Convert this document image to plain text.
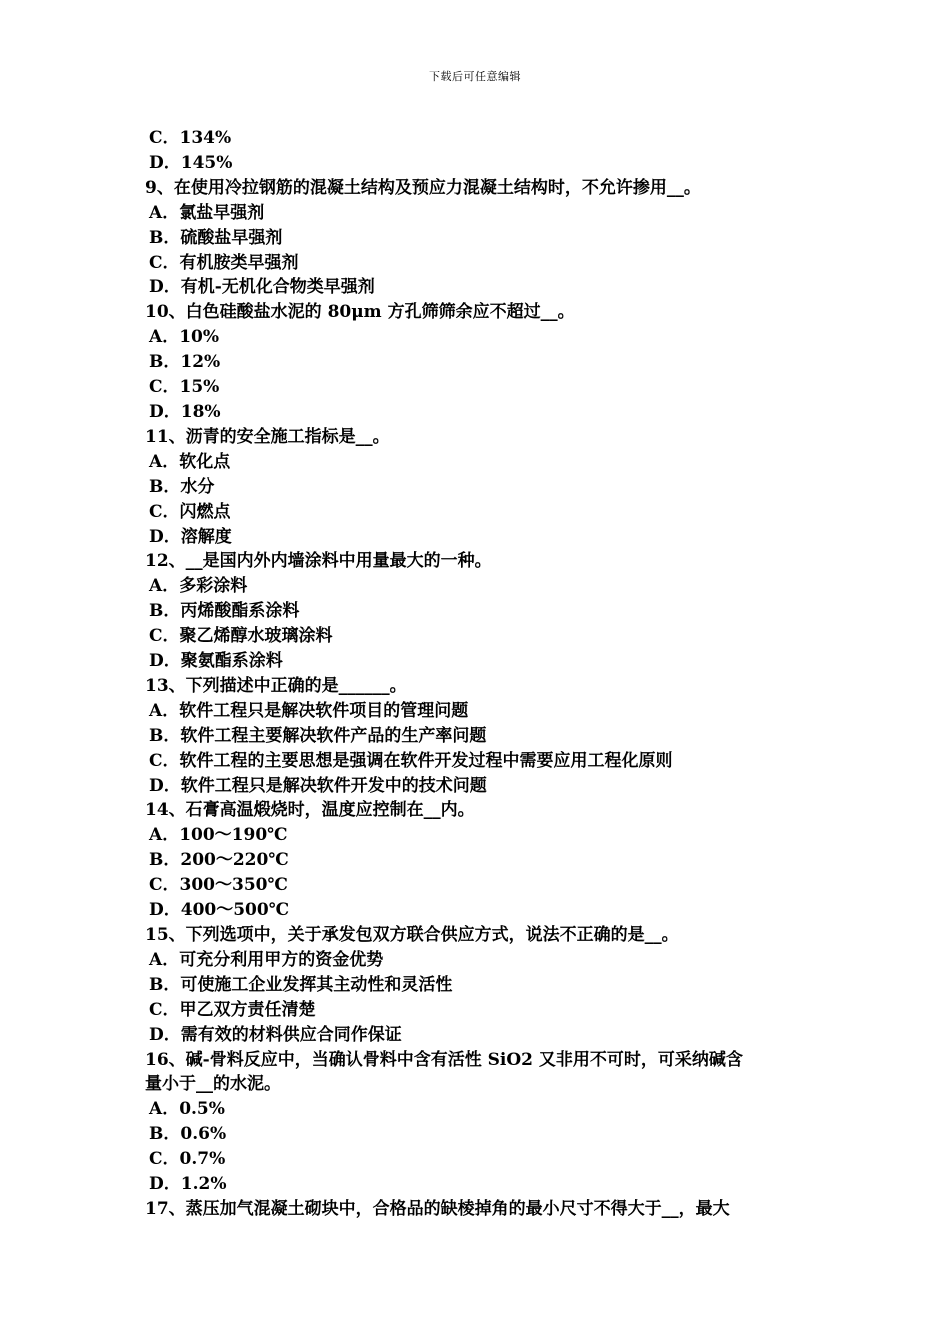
下载后可任意编辑
C．134%
D．145%
9、在使用冷拉钢筋的混凝土结构及预应力混凝土结构时，不允许掺用__。
A．氯盐早强剂
B．硫酸盐早强剂
C．有机胺类早强剂
D．有机-无机化合物类早强剂
10、白色硅酸盐水泥的 80μm 方孔筛筛余应不超过__。
A．10%
B．12%
C．15%
D．18%
11、沥青的安全施工指标是__。
A．软化点
B．水分
C．闪燃点
D．溶解度
12、__是国内外内墙涂料中用量最大的一种。
A．多彩涂料
B．丙烯酸酯系涂料
C．聚乙烯醇水玻璃涂料
D．聚氨酯系涂料
13、下列描述中正确的是______。
A．软件工程只是解决软件项目的管理问题
B．软件工程主要解决软件产品的生产率问题
C．软件工程的主要思想是强调在软件开发过程中需要应用工程化原则
D．软件工程只是解决软件开发中的技术问题
14、石膏高温煅烧时，温度应控制在__内。
A．100～190℃
B．200～220℃
C．300～350℃
D．400～500℃
15、下列选项中，关于承发包双方联合供应方式，说法不正确的是__。
A．可充分利用甲方的资金优势
B．可使施工企业发挥其主动性和灵活性
C．甲乙双方责任清楚
D．需有效的材料供应合同作保证
16、碱-骨料反应中，当确认骨料中含有活性 SiO2 又非用不可时，可采纳碱含
量小于__的水泥。
A．0.5%
B．0.6%
C．0.7%
D．1.2%
17、蒸压加气混凝土砌块中，合格品的缺棱掉角的最小尺寸不得大于__，最大
